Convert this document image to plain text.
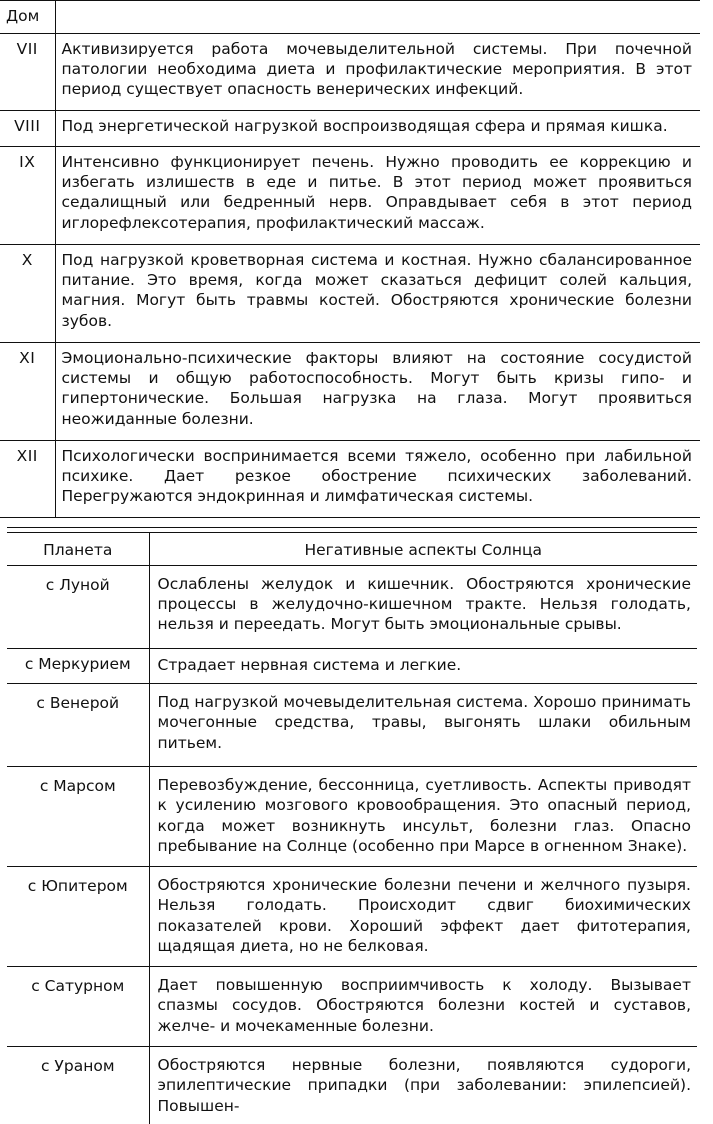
Дом	
VII	Активизируется работа мочевыделительной системы. При почечной патологии необходима диета и профилактические мероприятия. В этот период существует опасность венерических инфекций.
VIII	Под энергетической нагрузкой воспроизводящая сфера и прямая кишка.
IX	Интенсивно функционирует печень. Нужно проводить ее коррекцию и избегать излишеств в еде и питье. В этот период может проявиться седалищный или бедренный нерв. Оправдывает себя в этот период иглорефлексотерапия, профилактический массаж.
X	Под нагрузкой кроветворная система и костная. Нужно сбалансированное питание. Это время, когда может сказаться дефицит солей кальция, магния. Могут быть травмы костей. Обостряются хронические болезни зубов.
XI	Эмоционально-психические факторы влияют на состояние сосудистой системы и общую работоспособность. Могут быть кризы гипо- и гипертонические. Большая нагрузка на глаза. Могут проявиться неожиданные болезни.
XII	Психологически воспринимается всеми тяжело, особенно при лабильной психике. Дает резкое обострение психических заболеваний. Перегружаются эндокринная и лимфатическая системы.
Планета	Негативные аспекты Солнца
с Луной	Ослаблены желудок и кишечник. Обостряются хронические процессы в желудочно-кишечном тракте. Нельзя голодать, нельзя и переедать. Могут быть эмоциональные срывы.
с Меркурием	Страдает нервная система и легкие.
с Венерой	Под нагрузкой мочевыделительная система. Хорошо принимать мочегонные средства, травы, выгонять шлаки обильным питьем.
с Марсом	Перевозбуждение, бессонница, суетливость. Аспекты приводят к усилению мозгового кровообращения. Это опасный период, когда может возникнуть инсульт, болезни глаз. Опасно пребывание на Солнце (особенно при Марсе в огненном Знаке).
с Юпитером	Обостряются хронические болезни печени и желчного пузыря. Нельзя голодать. Происходит сдвиг биохимических показателей крови. Хороший эффект дает фитотерапия, щадящая диета, но не белковая.
с Сатурном	Дает повышенную восприимчивость к холоду. Вызывает спазмы сосудов. Обостряются болезни костей и суставов, желче- и мочекаменные болезни.
с Ураном	Обостряются нервные болезни, появляются судороги, эпилептические припадки (при заболевании: эпилепсией). Повышен-
